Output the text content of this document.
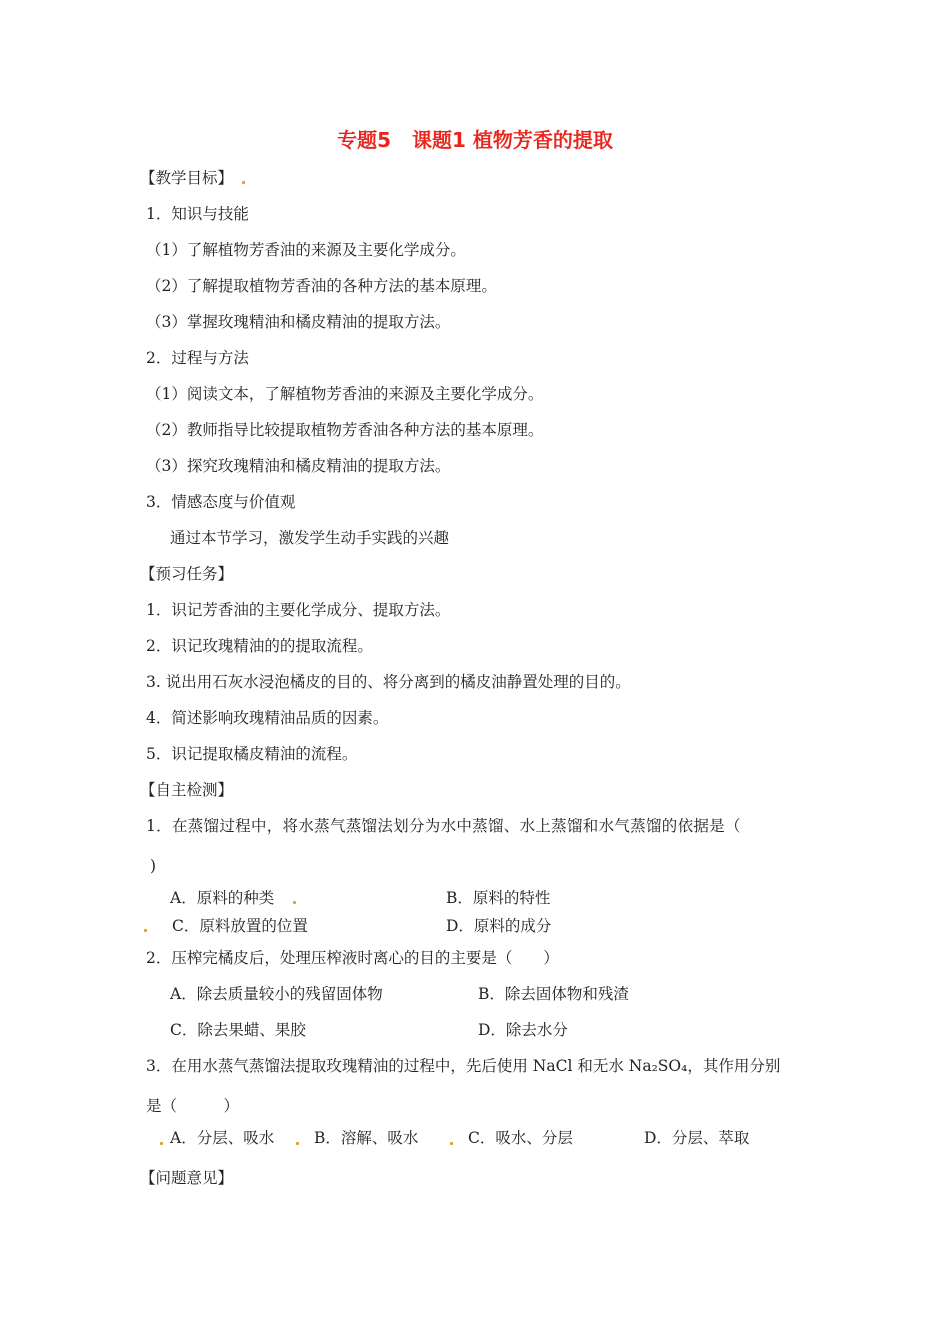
专题5   课题1 植物芳香的提取
【教学目标】
1．知识与技能
（1）了解植物芳香油的来源及主要化学成分。
（2）了解提取植物芳香油的各种方法的基本原理。
（3）掌握玫瑰精油和橘皮精油的提取方法。
2．过程与方法
（1）阅读文本，了解植物芳香油的来源及主要化学成分。
（2）教师指导比较提取植物芳香油各种方法的基本原理。
（3）探究玫瑰精油和橘皮精油的提取方法。
3．情感态度与价值观
通过本节学习，激发学生动手实践的兴趣
【预习任务】
1．识记芳香油的主要化学成分、提取方法。
2．识记玫瑰精油的的提取流程。
3. 说出用石灰水浸泡橘皮的目的、将分离到的橘皮油静置处理的目的。
4．简述影响玫瑰精油品质的因素。
5．识记提取橘皮精油的流程。
【自主检测】
1．在蒸馏过程中，将水蒸气蒸馏法划分为水中蒸馏、水上蒸馏和水气蒸馏的依据是（
)
A．原料的种类	B．原料的特性
C．原料放置的位置	D．原料的成分
2．压榨完橘皮后，处理压榨液时离心的目的主要是（　　）
A．除去质量较小的残留固体物	B．除去固体物和残渣
C．除去果蜡、果胶	D．除去水分
3．在用水蒸气蒸馏法提取玫瑰精油的过程中，先后使用 NaCl 和无水 Na₂SO₄，其作用分别
是（　　　）
A．分层、吸水	B．溶解、吸水	C．吸水、分层	D．分层、萃取
【问题意见】
